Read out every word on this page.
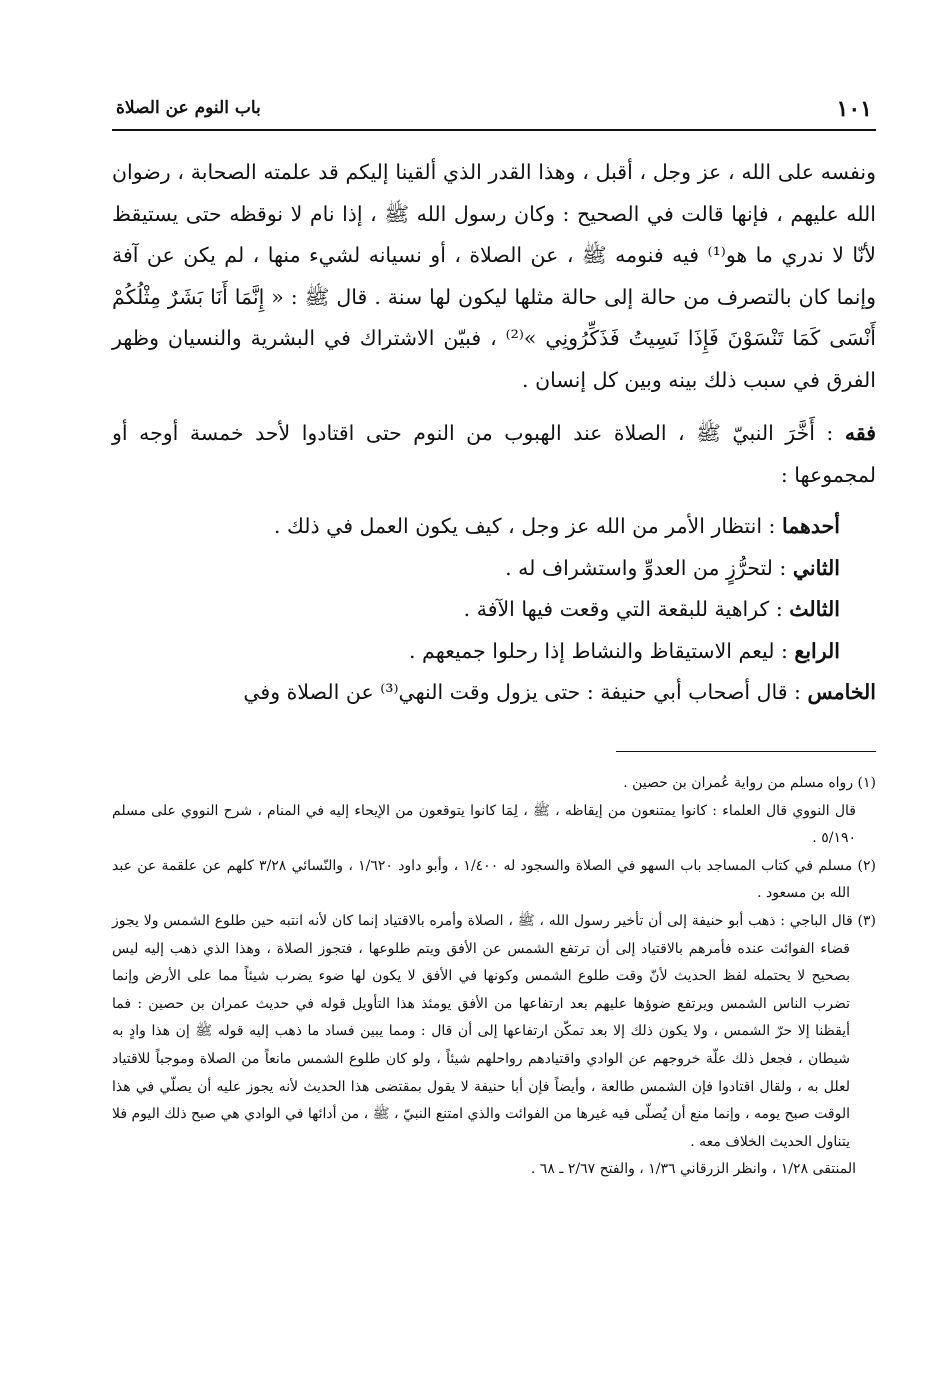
١٠١
باب النوم عن الصلاة

ونفسه على الله ، عز وجل ، أقبل ، وهذا القدر الذي ألقينا إليكم قد علمته الصحابة ، رضوان الله عليهم ، فإنها قالت في الصحيح : وكان رسول الله ﷺ ، إذا نام لا نوقظه حتى يستيقظ لأنّا لا ندري ما هو⁽¹⁾ فيه فنومه ﷺ ، عن الصلاة ، أو نسيانه لشيء منها ، لم يكن عن آفة وإنما كان بالتصرف من حالة إلى حالة مثلها ليكون لها سنة . قال ﷺ : « إِنَّمَا أَنَا بَشَرٌ مِثْلُكُمْ أَنْسَى كَمَا تَنْسَوْنَ فَإِذَا نَسِيتُ فَذَكِّرُونِي »⁽²⁾ ، فبيّن الاشتراك في البشرية والنسيان وظهر الفرق في سبب ذلك بينه وبين كل إنسان .

فقه : أَخَّرَ النبيّ ﷺ ، الصلاة عند الهبوب من النوم حتى اقتادوا لأحد خمسة أوجه أو لمجموعها :

أحدهما : انتظار الأمر من الله عز وجل ، كيف يكون العمل في ذلك .

الثاني : لتحرُّزٍ من العدوِّ واستشراف له .

الثالث : كراهية للبقعة التي وقعت فيها الآفة .

الرابع : ليعم الاستيقاظ والنشاط إذا رحلوا جميعهم .

الخامس : قال أصحاب أبي حنيفة : حتى يزول وقت النهي⁽³⁾ عن الصلاة وفي

(١) رواه مسلم من رواية عُمران بن حصين .

قال النووي قال العلماء : كانوا يمتنعون من إيقاظه ، ﷺ ، لِمَا كانوا يتوقعون من الإيحاء إليه في المنام ، شرح النووي على مسلم ٥/١٩٠ .

(٢) مسلم في كتاب المساجد باب السهو في الصلاة والسجود له ١/٤٠٠ ، وأبو داود ١/٦٢٠ ، والنّسائي ٣/٢٨ كلهم عن علقمة عن عبد الله بن مسعود .

(٣) قال الباجي : ذهب أبو حنيفة إلى أن تأخير رسول الله ، ﷺ ، الصلاة وأمره بالاقتياد إنما كان لأنه انتبه حين طلوع الشمس ولا يجوز قضاء الفوائت عنده فأمرهم بالاقتياد إلى أن ترتفع الشمس عن الأفق ويتم طلوعها ، فتجوز الصلاة ، وهذا الذي ذهب إليه ليس بصحيح لا يحتمله لفظ الحديث لأنّ وقت طلوع الشمس وكونها في الأفق لا يكون لها ضوء يضرب شيئاً مما على الأرض وإنما تضرب الناس الشمس ويرتفع ضوؤها عليهم بعد ارتفاعها من الأفق يومئذ هذا التأويل قوله في حديث عمران بن حصين : فما أيقظنا إلا حرّ الشمس ، ولا يكون ذلك إلا بعد تمكّن ارتفاعها إلى أن قال : ومما يبين فساد ما ذهب إليه قوله ﷺ إن هذا وادٍ به شيطان ، فجعل ذلك علّة خروجهم عن الوادي واقتيادهم رواحلهم شيئاً ، ولو كان طلوع الشمس مانعاً من الصلاة وموجباً للاقتياد لعلل به ، ولقال اقتادوا فإن الشمس طالعة ، وأيضاً فإن أبا حنيفة لا يقول بمقتضى هذا الحديث لأنه يجوز عليه أن يصلّي في هذا الوقت صبح يومه ، وإنما منع أن يُصلّى فيه غيرها من الفوائت والذي امتنع النبيّ ، ﷺ ، من أدائها في الوادي هي صبح ذلك اليوم فلا يتناول الحديث الخلاف معه .

المنتقى ١/٢٨ ، وانظر الزرقاني ١/٣٦ ، والفتح ٢/٦٧ ـ ٦٨ .
